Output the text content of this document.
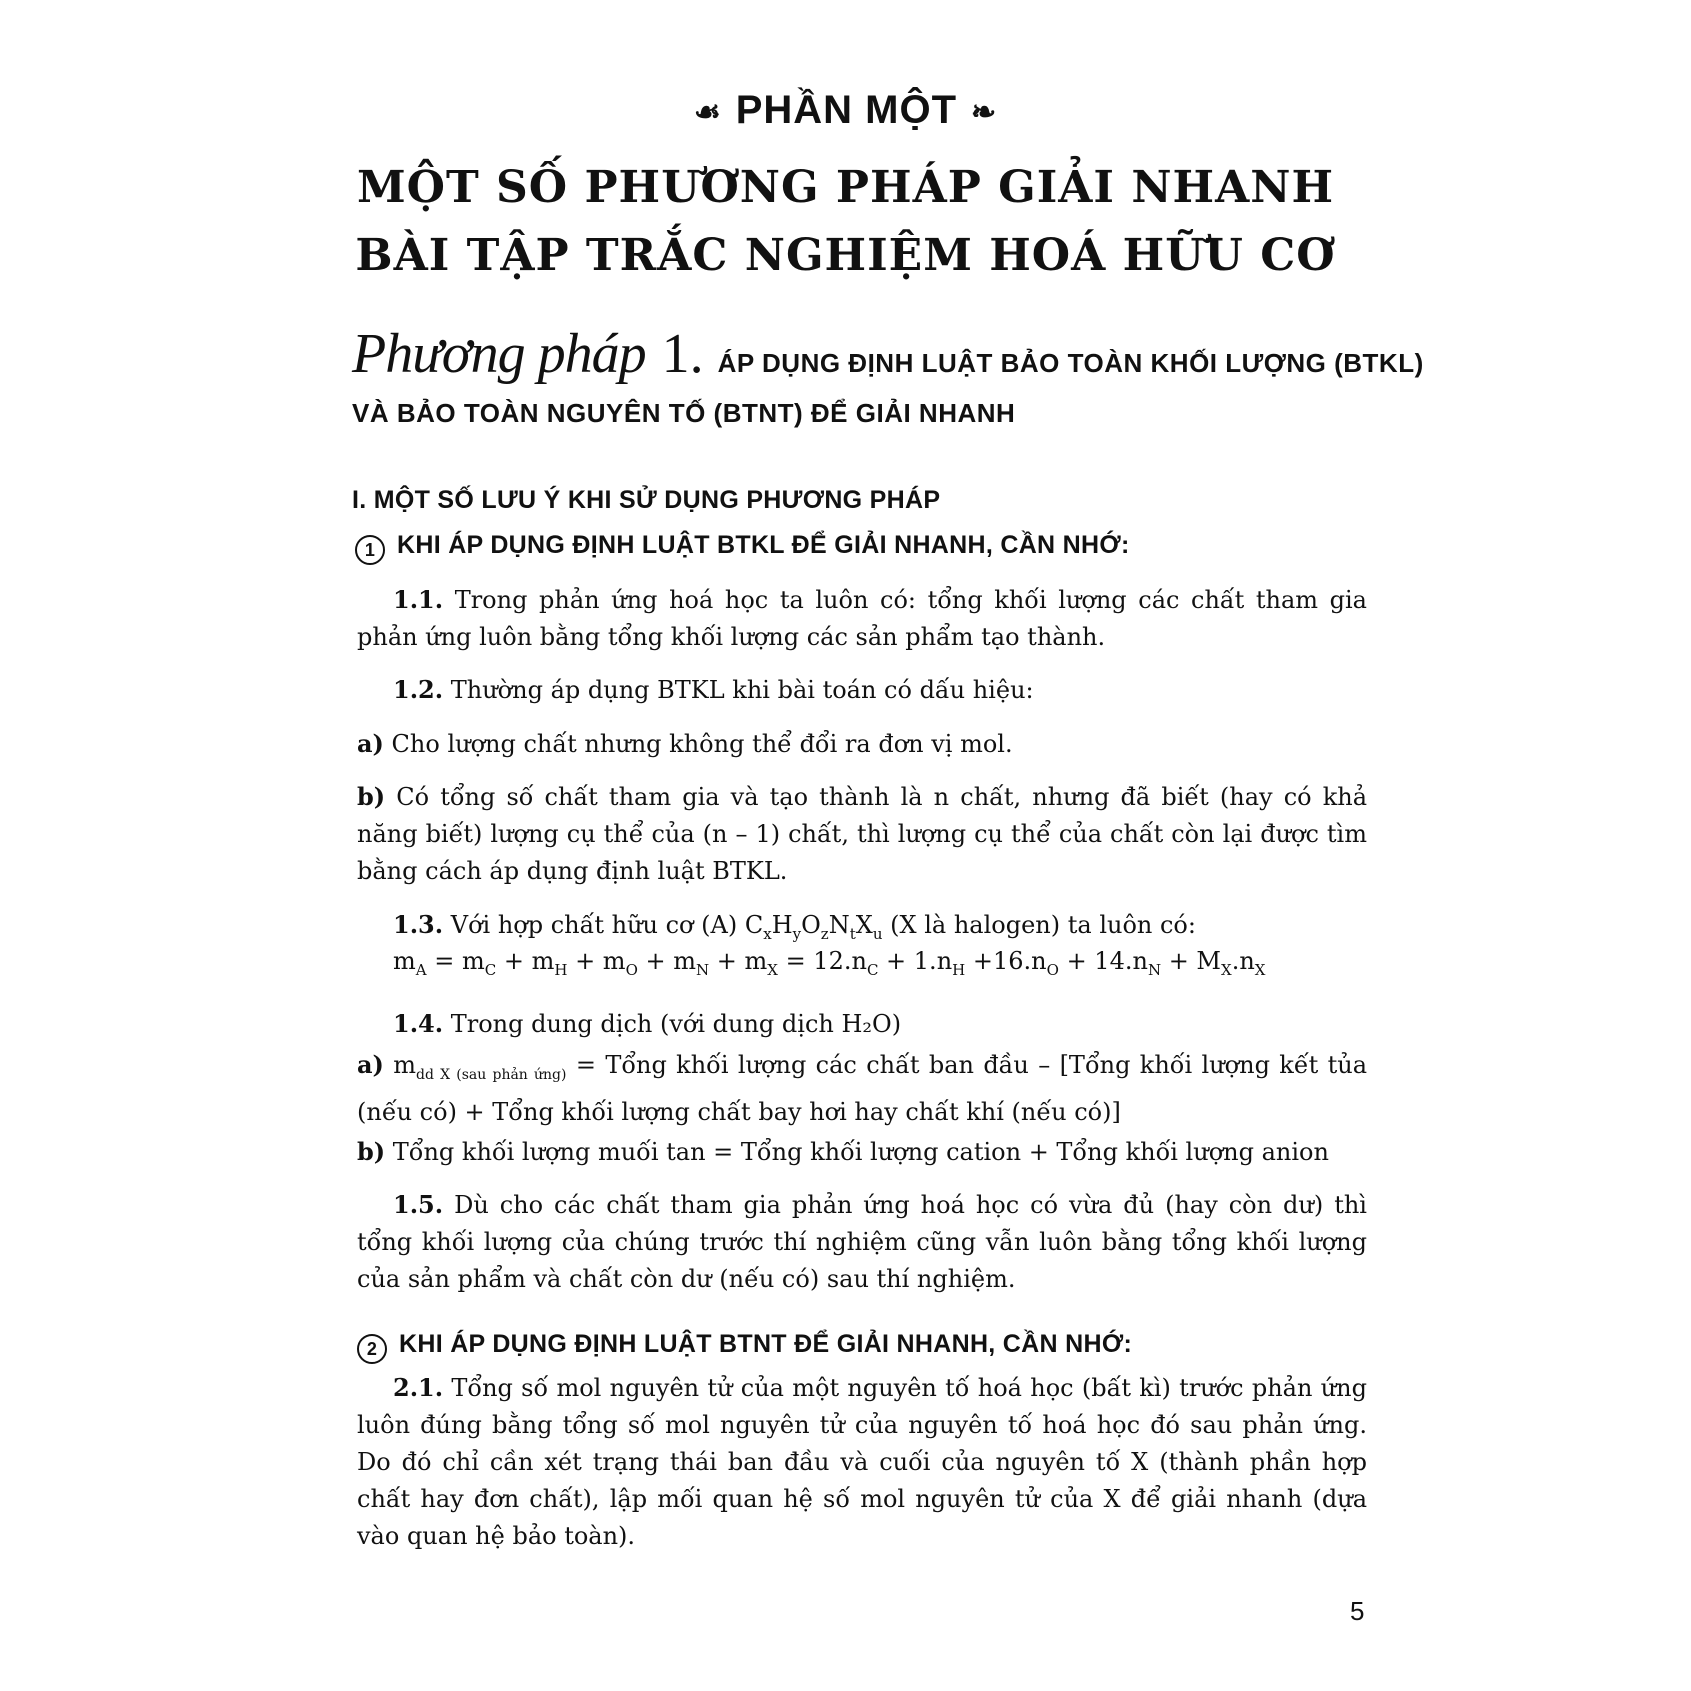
☙ PHẦN MỘT ❧
MỘT SỐ PHƯƠNG PHÁP GIẢI NHANH
BÀI TẬP TRẮC NGHIỆM HOÁ HỮU CƠ
Phương pháp 1. ÁP DỤNG ĐỊNH LUẬT BẢO TOÀN KHỐI LƯỢNG (BTKL)
VÀ BẢO TOÀN NGUYÊN TỐ (BTNT) ĐỂ GIẢI NHANH
I. MỘT SỐ LƯU Ý KHI SỬ DỤNG PHƯƠNG PHÁP
1 KHI ÁP DỤNG ĐỊNH LUẬT BTKL ĐỂ GIẢI NHANH, CẦN NHỚ:
1.1. Trong phản ứng hoá học ta luôn có: tổng khối lượng các chất tham gia phản ứng luôn bằng tổng khối lượng các sản phẩm tạo thành.
1.2. Thường áp dụng BTKL khi bài toán có dấu hiệu:
a) Cho lượng chất nhưng không thể đổi ra đơn vị mol.
b) Có tổng số chất tham gia và tạo thành là n chất, nhưng đã biết (hay có khả năng biết) lượng cụ thể của (n – 1) chất, thì lượng cụ thể của chất còn lại được tìm bằng cách áp dụng định luật BTKL.
1.3. Với hợp chất hữu cơ (A) $C_xH_yO_zN_tX_u$ (X là halogen) ta luôn có:
$m_A = m_C + m_H + m_O + m_N + m_X = 12.n_C + 1.n_H +16.n_O + 14.n_N + M_X.n_X$
1.4. Trong dung dịch (với dung dịch H₂O)
a) $m_{dd X (sau phản ứng)}$ = Tổng khối lượng các chất ban đầu – [Tổng khối lượng kết tủa (nếu có) + Tổng khối lượng chất bay hơi hay chất khí (nếu có)]
b) Tổng khối lượng muối tan = Tổng khối lượng cation + Tổng khối lượng anion
1.5. Dù cho các chất tham gia phản ứng hoá học có vừa đủ (hay còn dư) thì tổng khối lượng của chúng trước thí nghiệm cũng vẫn luôn bằng tổng khối lượng của sản phẩm và chất còn dư (nếu có) sau thí nghiệm.
2 KHI ÁP DỤNG ĐỊNH LUẬT BTNT ĐỂ GIẢI NHANH, CẦN NHỚ:
2.1. Tổng số mol nguyên tử của một nguyên tố hoá học (bất kì) trước phản ứng luôn đúng bằng tổng số mol nguyên tử của nguyên tố hoá học đó sau phản ứng. Do đó chỉ cần xét trạng thái ban đầu và cuối của nguyên tố X (thành phần hợp chất hay đơn chất), lập mối quan hệ số mol nguyên tử của X để giải nhanh (dựa vào quan hệ bảo toàn).
5
